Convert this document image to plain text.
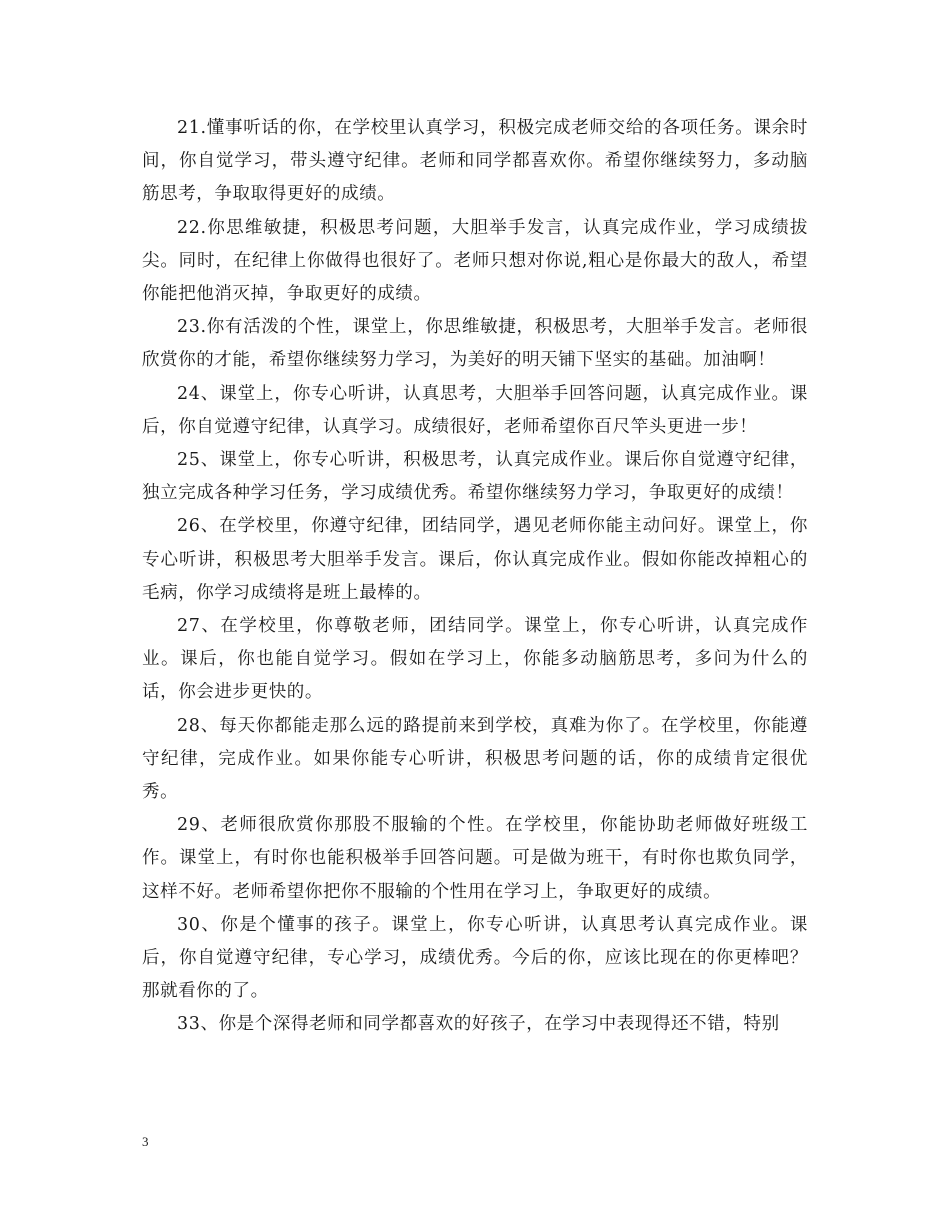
21.懂事听话的你，在学校里认真学习，积极完成老师交给的各项任务。课余时间，你自觉学习，带头遵守纪律。老师和同学都喜欢你。希望你继续努力，多动脑筋思考，争取取得更好的成绩。

22.你思维敏捷，积极思考问题，大胆举手发言，认真完成作业，学习成绩拔尖。同时，在纪律上你做得也很好了。老师只想对你说,粗心是你最大的敌人，希望你能把他消灭掉，争取更好的成绩。

23.你有活泼的个性，课堂上，你思维敏捷，积极思考，大胆举手发言。老师很欣赏你的才能，希望你继续努力学习，为美好的明天铺下坚实的基础。加油啊！

24、课堂上，你专心听讲，认真思考，大胆举手回答问题，认真完成作业。课后，你自觉遵守纪律，认真学习。成绩很好，老师希望你百尺竿头更进一步！

25、课堂上，你专心听讲，积极思考，认真完成作业。课后你自觉遵守纪律，独立完成各种学习任务，学习成绩优秀。希望你继续努力学习，争取更好的成绩！

26、在学校里，你遵守纪律，团结同学，遇见老师你能主动问好。课堂上，你专心听讲，积极思考大胆举手发言。课后，你认真完成作业。假如你能改掉粗心的毛病，你学习成绩将是班上最棒的。

27、在学校里，你尊敬老师，团结同学。课堂上，你专心听讲，认真完成作业。课后，你也能自觉学习。假如在学习上，你能多动脑筋思考，多问为什么的话，你会进步更快的。

28、每天你都能走那么远的路提前来到学校，真难为你了。在学校里，你能遵守纪律，完成作业。如果你能专心听讲，积极思考问题的话，你的成绩肯定很优秀。

29、老师很欣赏你那股不服输的个性。在学校里，你能协助老师做好班级工作。课堂上，有时你也能积极举手回答问题。可是做为班干，有时你也欺负同学，这样不好。老师希望你把你不服输的个性用在学习上，争取更好的成绩。

30、你是个懂事的孩子。课堂上，你专心听讲，认真思考认真完成作业。课后，你自觉遵守纪律，专心学习，成绩优秀。今后的你，应该比现在的你更棒吧？那就看你的了。

33、你是个深得老师和同学都喜欢的好孩子，在学习中表现得还不错，特别

3
